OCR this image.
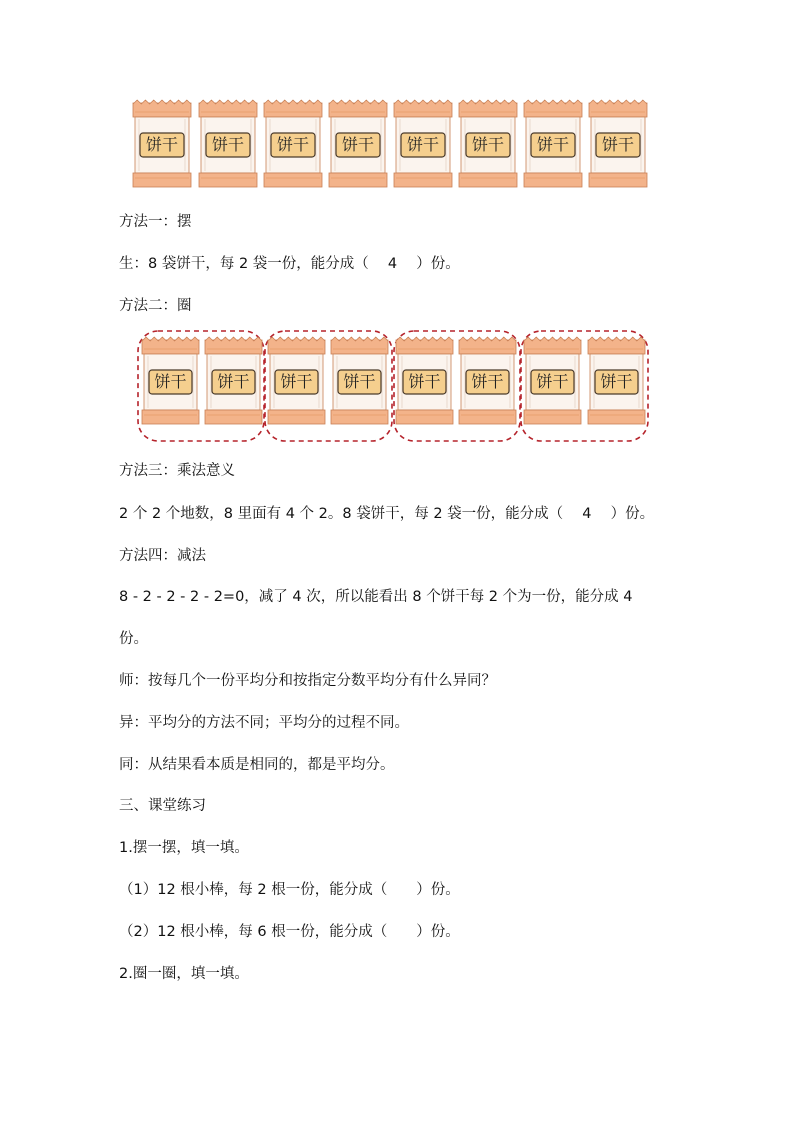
饼干 饼干 饼干 饼干 饼干 饼干 饼干 饼干
饼干 饼干 饼干 饼干 饼干 饼干 饼干 饼干

方法一：摆

生：8 袋饼干，每 2 袋一份，能分成（　 4 　）份。

方法二：圈

方法三：乘法意义

2 个 2 个地数，8 里面有 4 个 2。8 袋饼干，每 2 袋一份，能分成（　 4 　）份。

方法四：减法

8 - 2 - 2 - 2 - 2=0，减了 4 次，所以能看出 8 个饼干每 2 个为一份，能分成 4

份。

师：按每几个一份平均分和按指定分数平均分有什么异同？

异：平均分的方法不同；平均分的过程不同。

同：从结果看本质是相同的，都是平均分。

三、课堂练习

1.摆一摆，填一填。

（1）12 根小棒，每 2 根一份，能分成（　　）份。

（2）12 根小棒，每 6 根一份，能分成（　　）份。

2.圈一圈，填一填。
